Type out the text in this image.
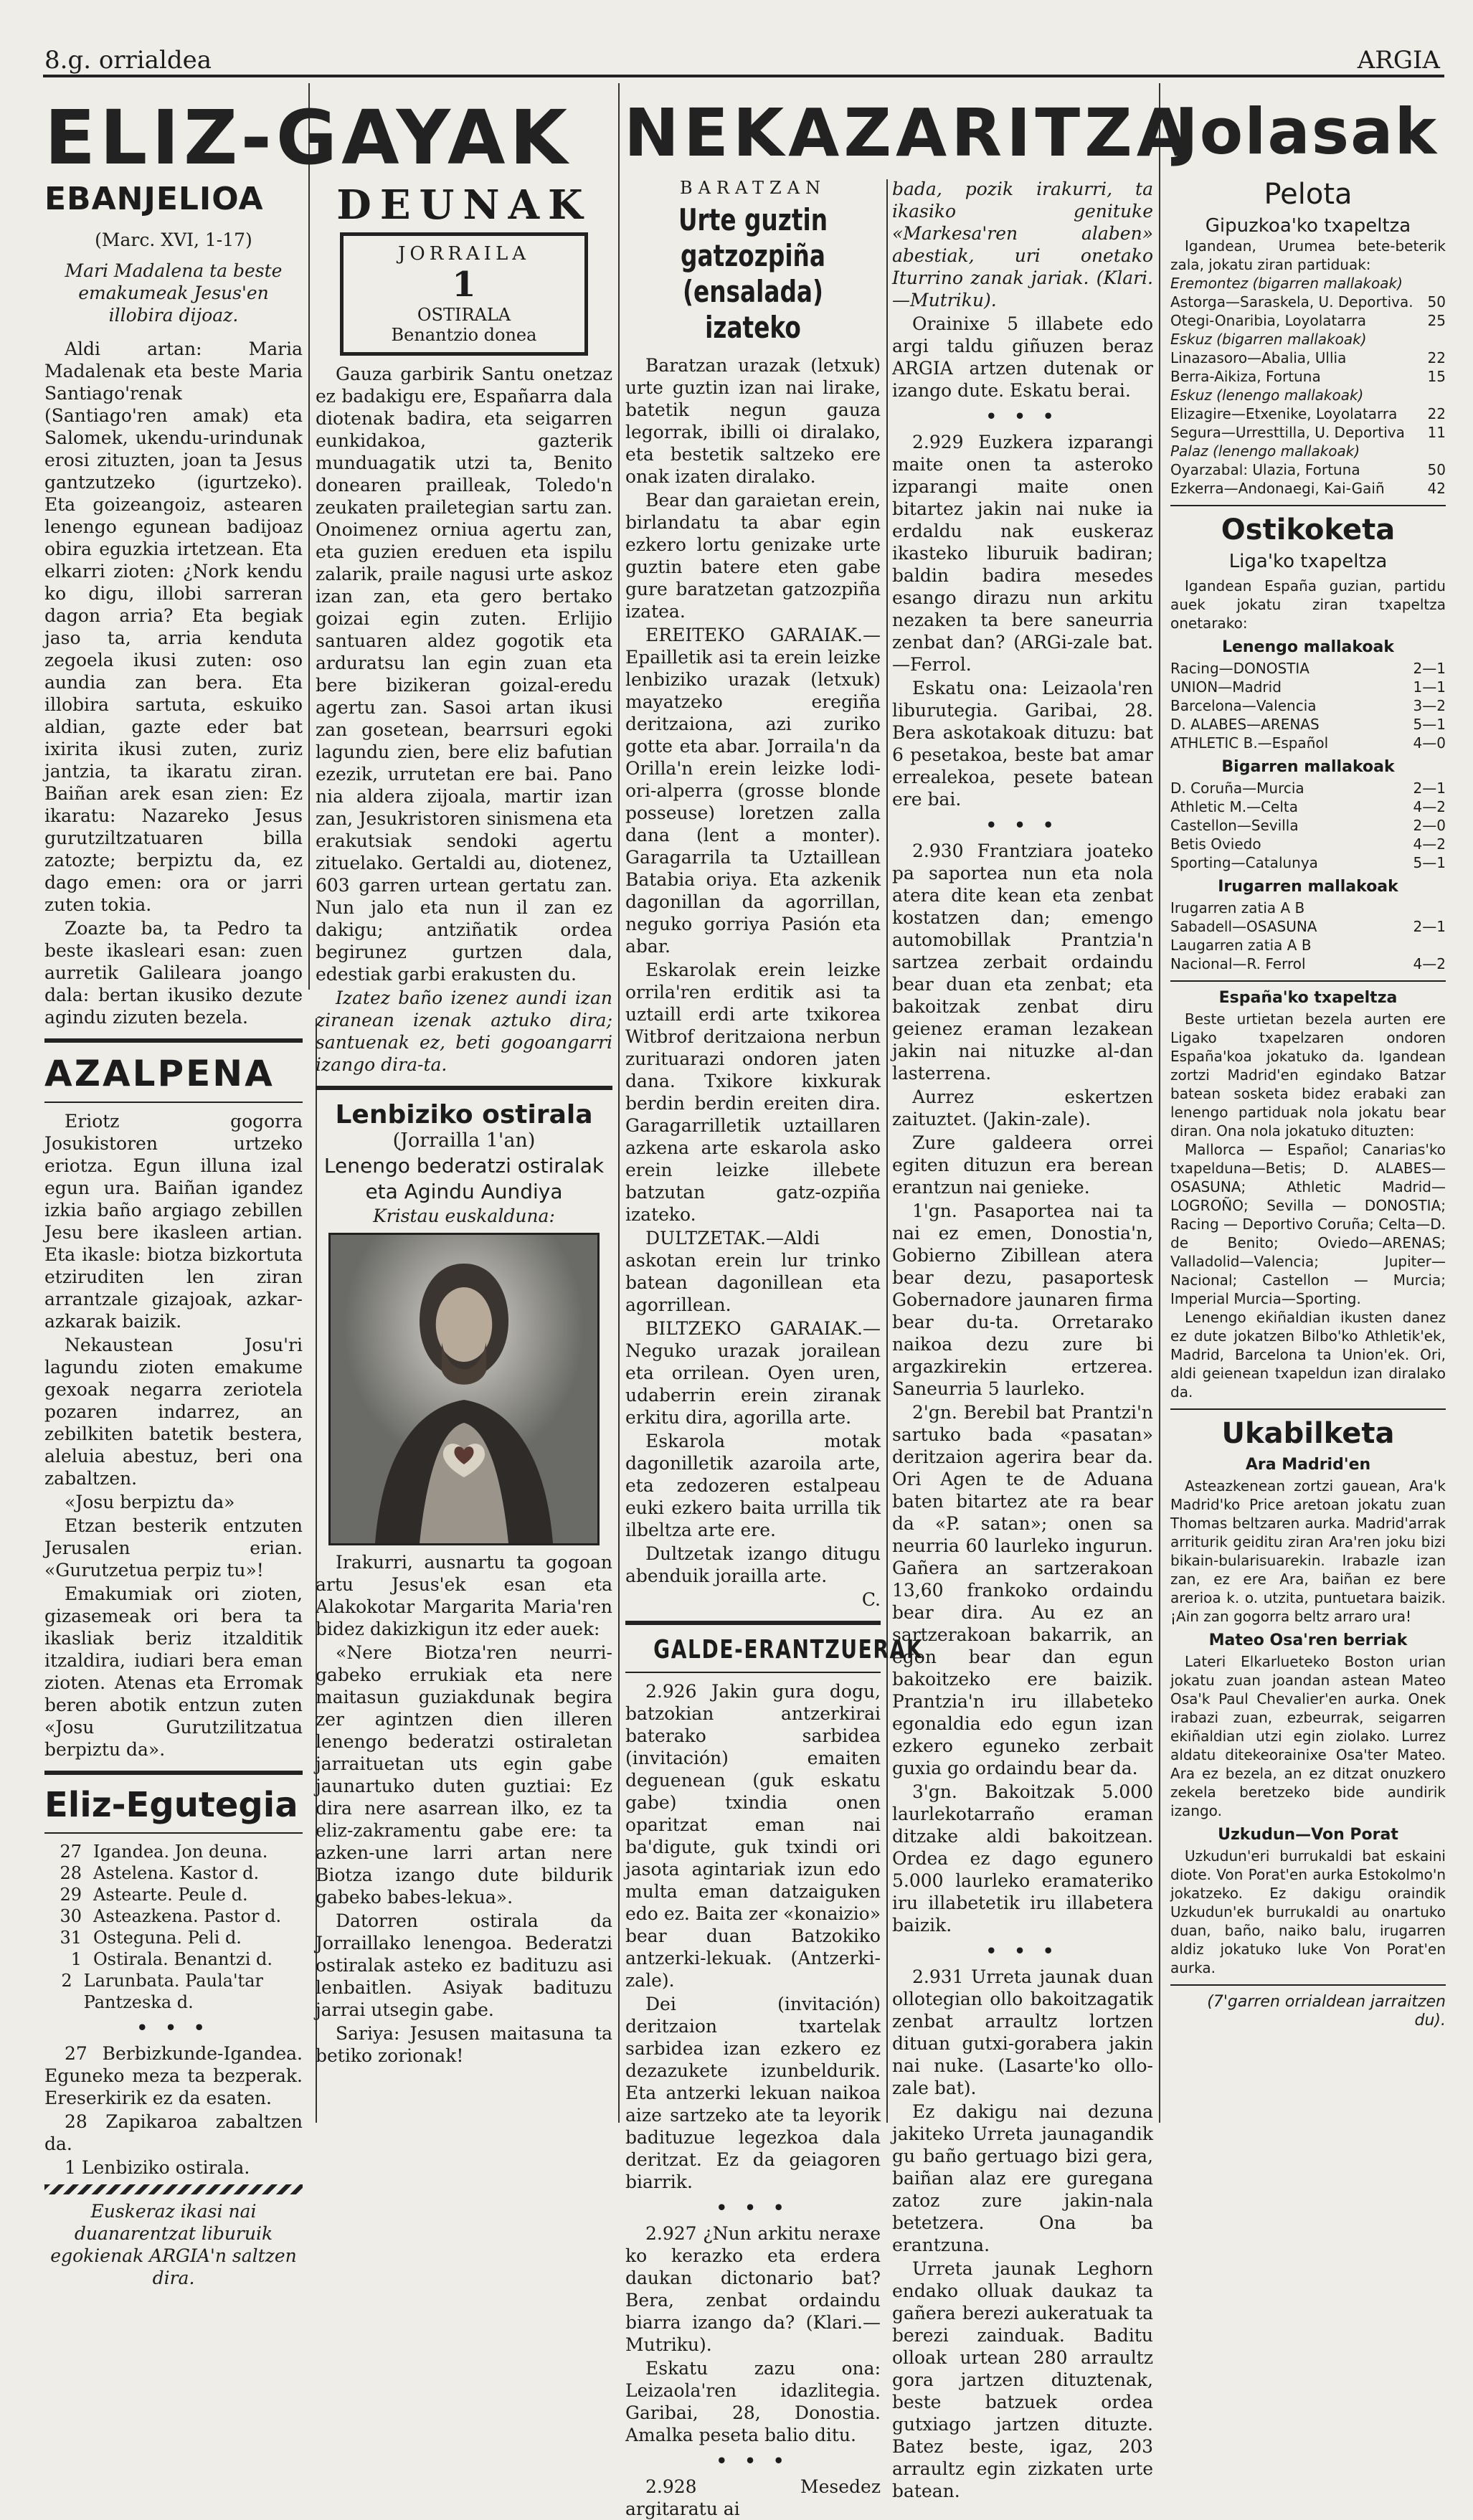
8.g. orrialdea	ARGIA
ELIZ-GAYAK NEKAZARITZA
Jolasak
EBANJELIOA
(Marc. XVI, 1-17)
Mari Madalena ta beste emakumeak Jesus'en illobira dijoaz.
Aldi artan: Maria Madalenak eta beste Maria Santiago'renak (Santiago'ren amak) eta Salomek, ukendu-urindunak erosi zituzten, joan ta Jesus gantzutzeko (igurtzeko). Eta goizeangoiz, astearen lenengo egunean badijoaz obira eguzkia irtetzean. Eta elkarri zioten: ¿Nork kendu ko digu, illobi sarreran dagon arria? Eta begiak jaso ta, arria kenduta zegoela ikusi zuten: oso aundia zan bera. Eta illobira sartuta, eskuiko aldian, gazte eder bat ixirita ikusi zuten, zuriz jantzia, ta ikaratu ziran. Baiñan arek esan zien: Ez ikaratu: Nazareko Jesus gurutziltzatuaren billa zatozte; berpiztu da, ez dago emen: ora or jarri zuten tokia.
Zoazte ba, ta Pedro ta beste ikasleari esan: zuen aurretik Galileara joango dala: bertan ikusiko dezute agindu zizuten bezela.
AZALPENA
Eriotz gogorra Josukistoren urtzeko eriotza. Egun illuna izal egun ura. Baiñan igandez izkia baño argiago zebillen Jesu bere ikasleen artian. Eta ikasle: biotza bizkortuta etziruditen len ziran arrantzale gizajoak, azkar-azkarak baizik.
Nekaustean Josu'ri lagundu zioten emakume gexoak negarra zeriotela pozaren indarrez, an zebilkiten batetik bestera, aleluia abestuz, beri ona zabaltzen.
«Josu berpiztu da»
Etzan besterik entzuten Jerusalen erian. «Gurutzetua perpiz tu»!
Emakumiak ori zioten, gizasemeak ori bera ta ikasliak beriz itzalditik itzaldira, iudiari bera eman zioten. Atenas eta Erromak beren abotik entzun zuten «Josu Gurutzilitzatua berpiztu da».
Eliz-Egutegia
27 Igandea. Jon deuna.
28 Astelena. Kastor d.
29 Astearte. Peule d.
30 Asteazkena. Pastor d.
31 Osteguna. Peli d.
1 Ostirala. Benantzi d.
2 Larunbata. Paula'tar Pantzeska d.
• • •
27 Berbizkunde-Igandea. Eguneko meza ta bezperak. Ereserkirik ez da esaten.
28 Zapikaroa zabaltzen da.
1 Lenbiziko ostirala.
Euskeraz ikasi nai duanarentzat liburuik egokienak ARGIA'n saltzen dira.
DEUNAK
JORRAILA
1
OSTIRALA
Benantzio donea
Gauza garbirik Santu onetzaz ez badakigu ere, Españarra dala diotenak badira, eta seigarren eunkidakoa, gazterik munduagatik utzi ta, Benito donearen prailleak, Toledo'n zeukaten prailetegian sartu zan. Onoimenez orniua agertu zan, eta guzien ereduen eta ispilu zalarik, praile nagusi urte askoz izan zan, eta gero bertako goizai egin zuten. Erlijio santuaren aldez gogotik eta arduratsu lan egin zuan eta bere bizikeran goizal-eredu agertu zan. Sasoi artan ikusi zan gosetean, bearrsuri egoki lagundu zien, bere eliz bafutian ezezik, urrutetan ere bai. Pano nia aldera zijoala, martir izan zan, Jesukristoren sinismena eta erakutsiak sendoki agertu zituelako. Gertaldi au, diotenez, 603 garren urtean gertatu zan. Nun jalo eta nun il zan ez dakigu; antziñatik ordea begirunez gurtzen dala, edestiak garbi erakusten du.
Izatez baño izenez aundi izan ziranean izenak aztuko dira; santuenak ez, beti gogoangarri izango dira-ta.
Lenbiziko ostirala
(Jorrailla 1'an)
Lenengo bederatzi ostiralak eta Agindu Aundiya
Kristau euskalduna:
Irakurri, ausnartu ta gogoan artu Jesus'ek esan eta Alakokotar Margarita Maria'ren bidez dakizkigun itz eder auek:
«Nere Biotza'ren neurri-gabeko errukiak eta nere maitasun guziakdunak begira zer agintzen dien illeren lenengo bederatzi ostiraletan jarraituetan uts egin gabe jaunartuko duten guztiai: Ez dira nere asarrean ilko, ez ta eliz-zakramentu gabe ere: ta azken-une larri artan nere Biotza izango dute bildurik gabeko babes-lekua».
Datorren ostirala da Jorraillako lenengoa. Bederatzi ostiralak asteko ez badituzu asi lenbaitlen. Asiyak badituzu jarrai utsegin gabe.
Sariya: Jesusen maitasuna ta betiko zorionak!
BARATZAN
Urte guztin gatzozpiña (ensalada) izateko
Baratzan urazak (letxuk) urte guztin izan nai lirake, batetik negun gauza legorrak, ibilli oi diralako, eta bestetik saltzeko ere onak izaten diralako.
Bear dan garaietan erein, birlandatu ta abar egin ezkero lortu genizake urte guztin batere eten gabe gure baratzetan gatzozpiña izatea.
EREITEKO GARAIAK.—Epailletik asi ta erein leizke lenbiziko urazak (letxuk) mayatzeko eregiña deritzaiona, azi zuriko gotte eta abar. Jorraila'n da Orilla'n erein leizke lodi-ori-alperra (grosse blonde posseuse) loretzen zalla dana (lent a monter). Garagarrila ta Uztaillean Batabia oriya. Eta azkenik dagonillan da agorrillan, neguko gorriya Pasión eta abar.
Eskarolak erein leizke orrila'ren erditik asi ta uztaill erdi arte txikorea Witbrof deritzaiona nerbun zurituarazi ondoren jaten dana. Txikore kixkurak berdin berdin ereiten dira. Garagarrilletik uztaillaren azkena arte eskarola asko erein leizke illebete batzutan gatz-ozpiña izateko.
DULTZETAK.—Aldi askotan erein lur trinko batean dagonillean eta agorrillean.
BILTZEKO GARAIAK.—Neguko urazak jorailean eta orrilean. Oyen uren, udaberrin erein ziranak erkitu dira, agorilla arte.
Eskarola motak dagonilletik azaroila arte, eta zedozeren estalpeau euki ezkero baita urrilla tik ilbeltza arte ere.
Dultzetak izango ditugu abenduik jorailla arte.
C.
GALDE-ERANTZUERAK
2.926 Jakin gura dogu, batzokian antzerkirai baterako sarbidea (invitación) emaiten deguenean (guk eskatu gabe) txindia onen oparitzat eman nai ba'digute, guk txindi ori jasota agintariak izun edo multa eman datzaiguken edo ez. Baita zer «konaizio» bear duan Batzokiko antzerki-lekuak. (Antzerki-zale).
Dei (invitación) deritzaion txartelak sarbidea izan ezkero ez dezazukete izunbeldurik. Eta antzerki lekuan naikoa aize sartzeko ate ta leyorik badituzue legezkoa dala deritzat. Ez da geiagoren biarrik.
• • •
2.927 ¿Nun arkitu neraxe ko kerazko eta erdera daukan dictonario bat? Bera, zenbat ordaindu biarra izango da? (Klari.—Mutriku).
Eskatu zazu ona: Leizaola'ren idazlitegia. Garibai, 28, Donostia. Amalka peseta balio ditu.
• • •
2.928 Mesedez argitaratu ai
bada, pozik irakurri, ta ikasiko genituke «Markesa'ren alaben» abestiak, uri onetako Iturrino zanak jariak. (Klari.—Mutriku).
Orainixe 5 illabete edo argi taldu giñuzen beraz ARGIA artzen dutenak or izango dute. Eskatu berai.
• • •
2.929 Euzkera izparangi maite onen ta asteroko izparangi maite onen bitartez jakin nai nuke ia erdaldu nak euskeraz ikasteko liburuik badiran; baldin badira mesedes esango dirazu nun arkitu nezaken ta bere saneurria zenbat dan? (ARGi-zale bat.—Ferrol.
Eskatu ona: Leizaola'ren liburutegia. Garibai, 28. Bera askotakoak dituzu: bat 6 pesetakoa, beste bat amar errealekoa, pesete batean ere bai.
• • •
2.930 Frantziara joateko pa saportea nun eta nola atera dite kean eta zenbat kostatzen dan; emengo automobillak Prantzia'n sartzea zerbait ordaindu bear duan eta zenbat; eta bakoitzak zenbat diru geienez eraman lezakean jakin nai nituzke al-dan lasterrena.
Aurrez eskertzen zaituztet. (Jakin-zale).
Zure galdeera orrei egiten dituzun era berean erantzun nai genieke.
1'gn. Pasaportea nai ta nai ez emen, Donostia'n, Gobierno Zibillean atera bear dezu, pasaportesk Gobernadore jaunaren firma bear du-ta. Orretarako naikoa dezu zure bi argazkirekin ertzerea. Saneurria 5 laurleko.
2'gn. Berebil bat Prantzi'n sartuko bada «pasatan» deritzaion agerira bear da. Ori Agen te de Aduana baten bitartez ate ra bear da «P. satan»; onen sa neurria 60 laurleko ingurun. Gañera an sartzerakoan 13,60 frankoko ordaindu bear dira. Au ez an sartzerakoan bakarrik, an egon bear dan egun bakoitzeko ere baizik. Prantzia'n iru illabeteko egonaldia edo egun izan ezkero eguneko zerbait guxia go ordaindu bear da.
3'gn. Bakoitzak 5.000 laurlekotarraño eraman ditzake aldi bakoitzean. Ordea ez dago egunero 5.000 laurleko eramateriko iru illabetetik iru illabetera baizik.
• • •
2.931 Urreta jaunak duan ollotegian ollo bakoitzagatik zenbat arraultz lortzen dituan gutxi-gorabera jakin nai nuke. (Lasarte'ko ollo-zale bat).
Ez dakigu nai dezuna jakiteko Urreta jaunagandik gu baño gertuago bizi gera, baiñan alaz ere guregana zatoz zure jakin-nala betetzera. Ona ba erantzuna.
Urreta jaunak Leghorn endako olluak daukaz ta gañera berezi aukeratuak ta berezi zainduak. Baditu olloak urtean 280 arraultz gora jartzen dituztenak, beste batzuek ordea gutxiago jartzen dituzte. Batez beste, igaz, 203 arraultz egin zizkaten urte batean.
Pelota
Gipuzkoa'ko txapeltza
Igandean, Urumea bete-beterik zala, jokatu ziran partiduak:
Eremontez (bigarren mallakoak)
Astorga—Saraskela, U. Deportiva. 50
Otegi-Onaribia, Loyolatarra	25
Eskuz (bigarren mallakoak)
Linazasoro—Abalia, Ullia	22
Berra-Aikiza, Fortuna	15
Eskuz (lenengo mallakoak)
Elizagire—Etxenike, Loyolatarra 22
Segura—Urresttilla, U. Deportiva 11
Palaz (lenengo mallakoak)
Oyarzabal: Ulazia, Fortuna	50
Ezkerra—Andonaegi, Kai-Gaiñ	42
Ostikoketa
Liga'ko txapeltza
Igandean España guzian, partidu auek jokatu ziran txapeltza onetarako:
Lenengo mallakoak
Racing—DONOSTIA	2—1
UNION—Madrid	1—1
Barcelona—Valencia	3—2
D. ALABES—ARENAS	5—1
ATHLETIC B.—Español	4—0
Bigarren mallakoak
D. Coruña—Murcia	2—1
Athletic M.—Celta	4—2
Castellon—Sevilla	2—0
Betis Oviedo	4—2
Sporting—Catalunya	5—1
Irugarren mallakoak
Irugarren zatia A B
Sabadell—OSASUNA	2—1
Laugarren zatia A B
Nacional—R. Ferrol	4—2
España'ko txapeltza
Beste urtietan bezela aurten ere Ligako txapelzaren ondoren España'koa jokatuko da. Igandean zortzi Madrid'en egindako Batzar batean sosketa bidez erabaki zan lenengo partiduak nola jokatu bear diran. Ona nola jokatuko dituzten:
Mallorca — Español; Canarias'ko txapelduna—Betis; D. ALABES—OSASUNA; Athletic Madrid—LOGROÑO; Sevilla — DONOSTIA; Racing — Deportivo Coruña; Celta—D. de Benito; Oviedo—ARENAS; Valladolid—Valencia; Jupiter—Nacional; Castellon — Murcia; Imperial Murcia—Sporting.
Lenengo ekiñaldian ikusten danez ez dute jokatzen Bilbo'ko Athletik'ek, Madrid, Barcelona ta Union'ek. Ori, aldi geienean txapeldun izan diralako da.
Ukabilketa
Ara Madrid'en
Asteazkenean zortzi gauean, Ara'k Madrid'ko Price aretoan jokatu zuan Thomas beltzaren aurka. Madrid'arrak arriturik geiditu ziran Ara'ren joku bizi bikain-bularisuarekin. Irabazle izan zan, ez ere Ara, baiñan ez bere arerioa k. o. utzita, puntuetara baizik. ¡Ain zan gogorra beltz arraro ura!
Mateo Osa'ren berriak
Lateri Elkarlueteko Boston urian jokatu zuan joandan astean Mateo Osa'k Paul Chevalier'en aurka. Onek irabazi zuan, ezbeurrak, seigarren ekiñaldian utzi egin ziolako. Lurrez aldatu ditekeorainixe Osa'ter Mateo. Ara ez bezela, an ez ditzat onuzkero zekela beretzeko bide aundirik izango.
Uzkudun—Von Porat
Uzkudun'eri burrukaldi bat eskaini diote. Von Porat'en aurka Estokolmo'n jokatzeko. Ez dakigu oraindik Uzkudun'ek burrukaldi au onartuko duan, baño, naiko balu, irugarren aldiz jokatuko luke Von Porat'en aurka.
(7'garren orrialdean jarraitzen du).
